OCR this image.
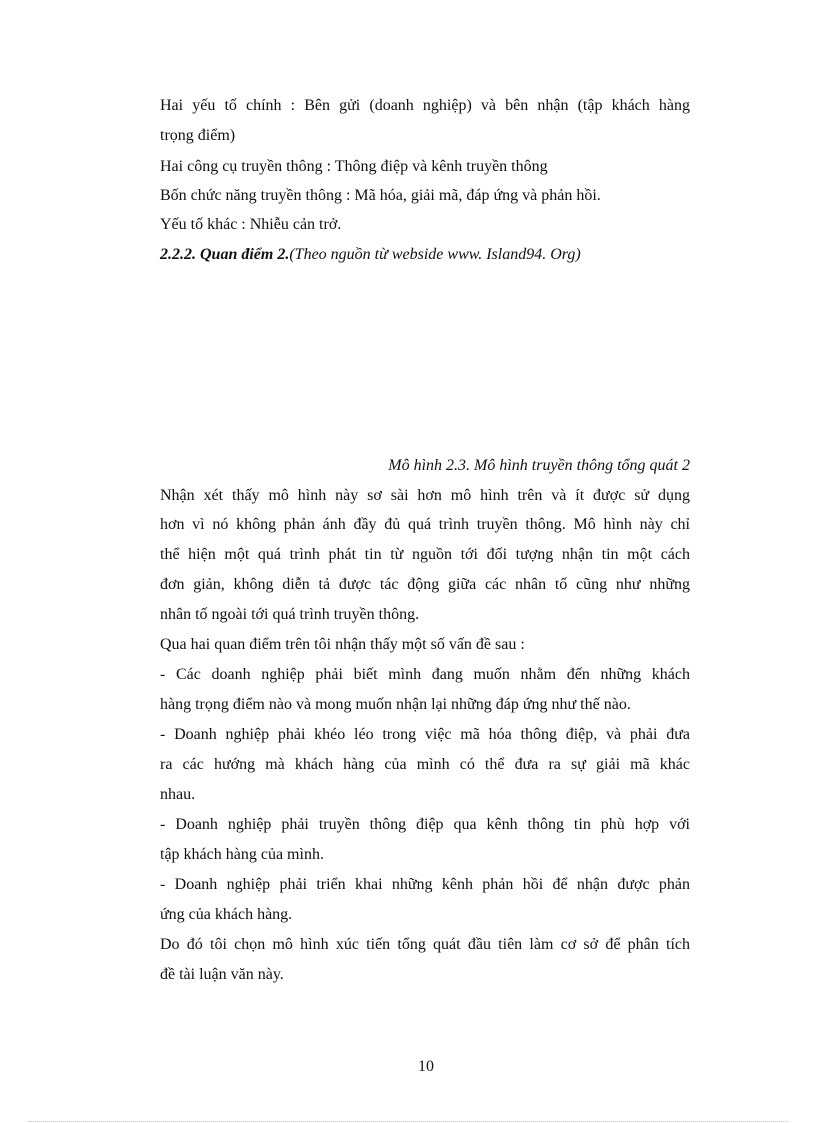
Hai yếu tố chính : Bên gửi (doanh nghiệp) và bên nhận (tập khách hàng
trọng điểm)
Hai công cụ truyền thông : Thông điệp và kênh truyền thông
Bốn chức năng truyền thông : Mã hóa, giải mã, đáp ứng và phản hồi.
Yếu tố khác : Nhiễu cản trở.
2.2.2. Quan điểm 2.(Theo nguồn từ webside www. Island94. Org)
Mô hình 2.3. Mô hình truyền thông tổng quát 2
Nhận xét thấy mô hình này sơ sài hơn mô hình trên và ít được sử dụng
hơn vì nó không phản ánh đầy đủ quá trình truyền thông. Mô hình này chỉ
thể hiện một quá trình phát tin từ nguồn tới đối tượng nhận tin một cách
đơn giản, không diễn tả được tác động giữa các nhân tố cũng như những
nhân tố ngoài tới quá trình truyền thông.
Qua hai quan điểm trên tôi nhận thấy một số vấn đề sau :
- Các doanh nghiệp phải biết mình đang muốn nhằm đến những khách
hàng trọng điểm nào và mong muốn nhận lại những đáp ứng như thế nào.
- Doanh nghiệp phải khéo léo trong việc mã hóa thông điệp, và phải đưa
ra các hướng mà khách hàng của mình có thể đưa ra sự giải mã khác
nhau.
- Doanh nghiệp phải truyền thông điệp qua kênh thông tin phù hợp với
tập khách hàng của mình.
- Doanh nghiệp phải triển khai những kênh phản hồi để nhận được phản
ứng của khách hàng.
Do đó tôi chọn mô hình xúc tiến tổng quát đầu tiên làm cơ sở để phân tích
đề tài luận văn này.
10
